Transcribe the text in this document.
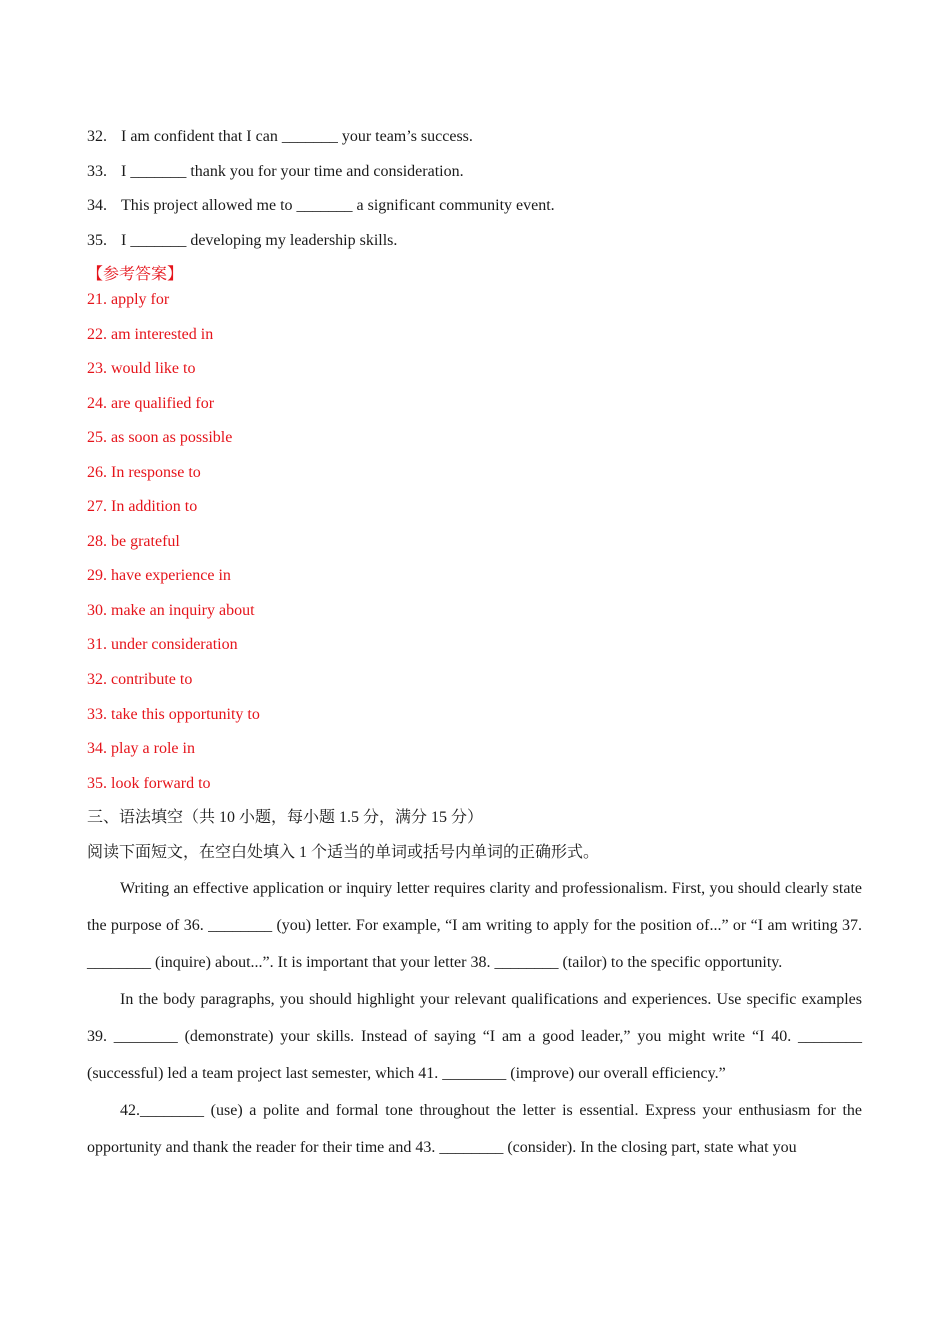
32. I am confident that I can _______ your team’s success.
33. I _______ thank you for your time and consideration.
34. This project allowed me to _______ a significant community event.
35. I _______ developing my leadership skills.
【参考答案】
21. apply for
22. am interested in
23. would like to
24. are qualified for
25. as soon as possible
26. In response to
27. In addition to
28. be grateful
29. have experience in
30. make an inquiry about
31. under consideration
32. contribute to
33. take this opportunity to
34. play a role in
35. look forward to
三、语法填空（共 10 小题，每小题 1.5 分，满分 15 分）
阅读下面短文，在空白处填入 1 个适当的单词或括号内单词的正确形式。

Writing an effective application or inquiry letter requires clarity and professionalism. First, you should clearly state the purpose of 36. ________ (you) letter. For example, “I am writing to apply for the position of...” or “I am writing 37. ________ (inquire) about...”. It is important that your letter 38. ________ (tailor) to the specific opportunity.

In the body paragraphs, you should highlight your relevant qualifications and experiences. Use specific examples 39. ________ (demonstrate) your skills. Instead of saying “I am a good leader,” you might write “I 40. ________ (successful) led a team project last semester, which 41. ________ (improve) our overall efficiency.”

42.________ (use) a polite and formal tone throughout the letter is essential. Express your enthusiasm for the opportunity and thank the reader for their time and 43. ________ (consider). In the closing part, state what you
